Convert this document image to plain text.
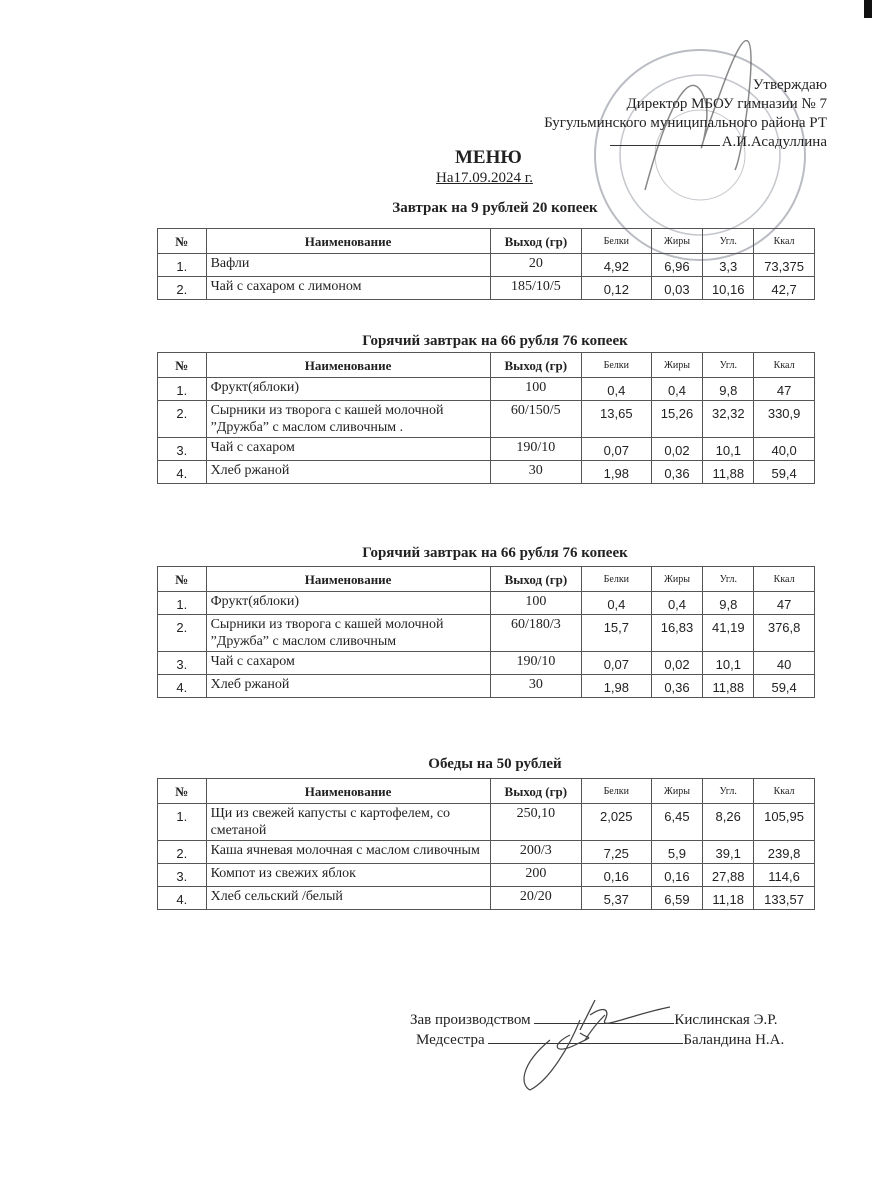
Утверждаю
Директор МБОУ гимназии № 7
Бугульминского муниципального района РТ
А.И.Асадуллина
МЕНЮ
На17.09.2024 г.
Завтрак на 9 рублей 20 копеек
№	Наименование	Выход (гр)	Белки	Жиры	Угл.	Ккал
1.	Вафли	20	4,92	6,96	3,3	73,375
2.	Чай с сахаром с лимоном	185/10/5	0,12	0,03	10,16	42,7
Горячий завтрак на 66 рубля 76 копеек
№	Наименование	Выход (гр)	Белки	Жиры	Угл.	Ккал
1.	Фрукт(яблоки)	100	0,4	0,4	9,8	47
2.	Сырники из творога с кашей молочной ”Дружба” с маслом сливочным .	60/150/5	13,65	15,26	32,32	330,9
3.	Чай с сахаром	190/10	0,07	0,02	10,1	40,0
4.	Хлеб ржаной	30	1,98	0,36	11,88	59,4
Горячий завтрак на 66 рубля 76 копеек
№	Наименование	Выход (гр)	Белки	Жиры	Угл.	Ккал
1.	Фрукт(яблоки)	100	0,4	0,4	9,8	47
2.	Сырники из творога с кашей молочной ”Дружба” с маслом сливочным	60/180/3	15,7	16,83	41,19	376,8
3.	Чай с сахаром	190/10	0,07	0,02	10,1	40
4.	Хлеб ржаной	30	1,98	0,36	11,88	59,4
Обеды на 50 рублей
№	Наименование	Выход (гр)	Белки	Жиры	Угл.	Ккал
1.	Щи из свежей капусты с картофелем, со сметаной	250,10	2,025	6,45	8,26	105,95
2.	Каша ячневая молочная с маслом сливочным	200/3	7,25	5,9	39,1	239,8
3.	Компот из свежих яблок	200	0,16	0,16	27,88	114,6
4.	Хлеб сельский /белый	20/20	5,37	6,59	11,18	133,57
Зав производством	Кислинская Э.Р.
Медсестра	Баландина Н.А.
